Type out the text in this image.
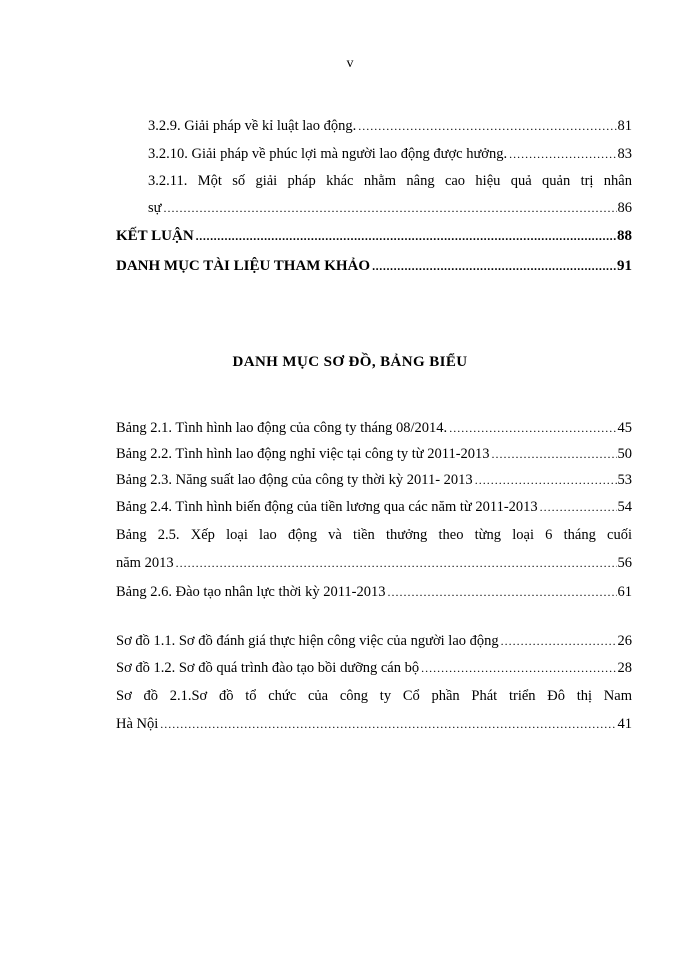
v
3.2.9. Giải pháp về kỉ luật lao động. .....	81
3.2.10. Giải pháp về phúc lợi mà người lao động được hưởng. .....	83
3.2.11. Một số giải pháp khác nhằm nâng cao hiệu quả quản trị nhân
sự .....	86
KẾT LUẬN .....	88
DANH MỤC TÀI LIỆU THAM KHẢO .....	91
DANH MỤC SƠ ĐỒ, BẢNG BIỂU
Bảng 2.1. Tình hình lao động của công ty tháng 08/2014. .....	45
Bảng 2.2. Tình hình lao động nghỉ việc tại công ty từ 2011-2013 .....	50
Bảng 2.3. Năng suất lao động của công ty thời kỳ 2011- 2013 .....	53
Bảng 2.4. Tình hình biến động của tiền lương qua các năm từ 2011-2013 .....	54
Bảng 2.5. Xếp loại lao động và tiền thưởng theo từng loại 6 tháng cuối
năm 2013 .....	56
Bảng 2.6. Đào tạo nhân lực thời kỳ 2011-2013 .....	61
Sơ đồ 1.1. Sơ đồ đánh giá thực hiện công việc của người lao động .....	26
Sơ đồ 1.2. Sơ đồ quá trình đào tạo bồi dưỡng cán bộ .....	28
Sơ đồ 2.1.Sơ đồ tổ chức của công ty Cổ phần Phát triển Đô thị Nam
Hà Nội .....	41
